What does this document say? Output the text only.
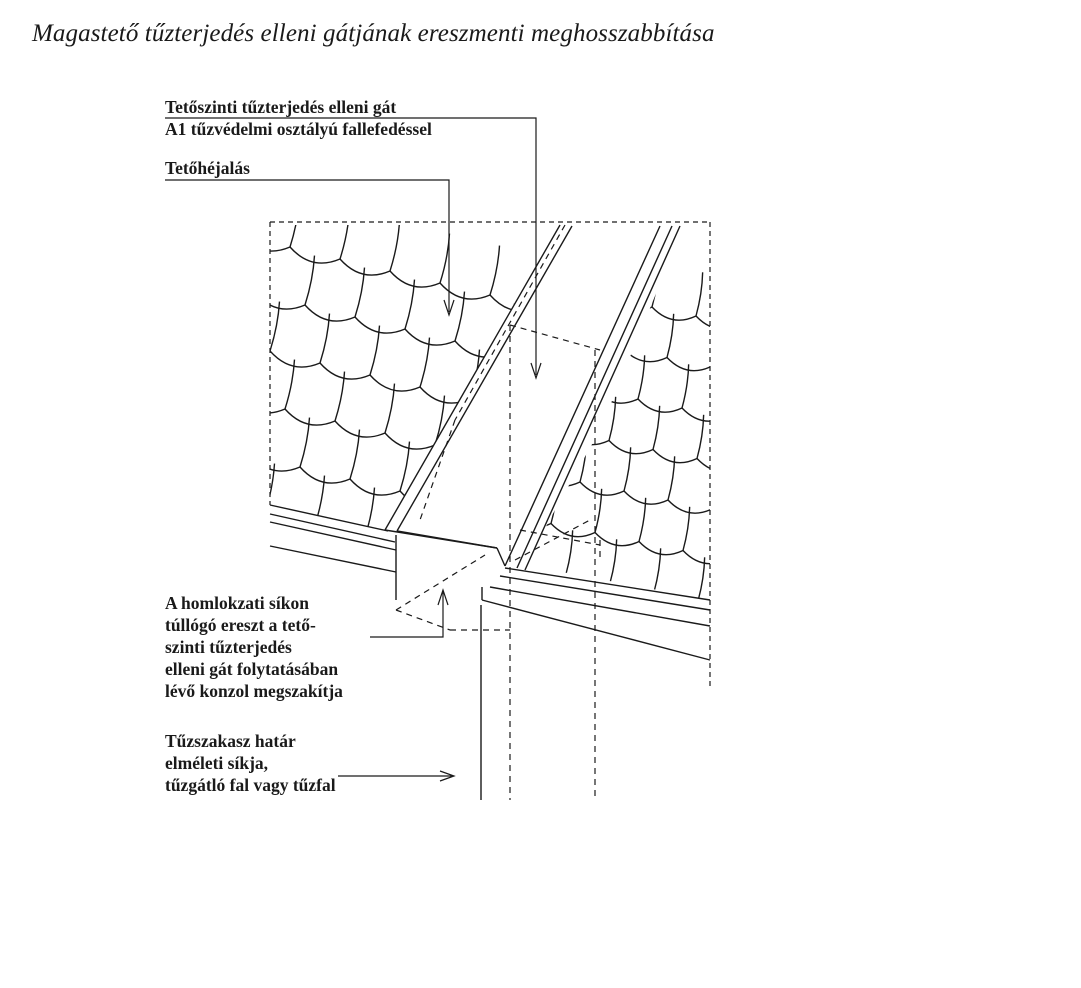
Magastető tűzterjedés elleni gátjának ereszmenti meghosszabbítása
Tetőszinti tűzterjedés elleni gát
A1 tűzvédelmi osztályú fallefedéssel
Tetőhéjalás
A homlokzati síkon
túllógó ereszt a tető-
szinti tűzterjedés
elleni gát folytatásában
lévő konzol megszakítja
Tűzszakasz határ
elméleti síkja,
tűzgátló fal vagy tűzfal
